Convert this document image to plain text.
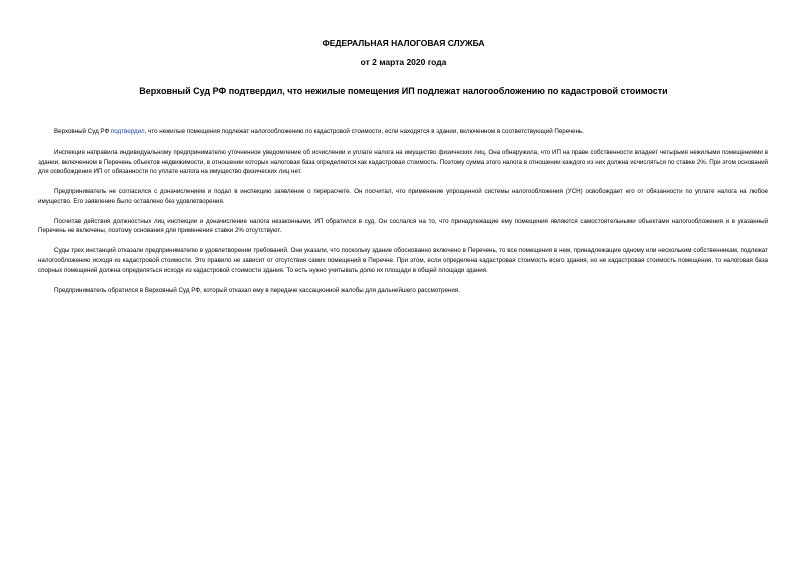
ФЕДЕРАЛЬНАЯ НАЛОГОВАЯ СЛУЖБА
от 2 марта 2020 года
Верховный Суд РФ подтвердил, что нежилые помещения ИП подлежат налогообложению по кадастровой стоимости

Верховный Суд РФ подтвердил, что нежилые помещения подлежат налогообложению по кадастровой стоимости, если находятся в здании, включенном в соответствующий Перечень.

Инспекция направила индивидуальному предпринимателю уточненное уведомление об исчислении и уплате налога на имущество физических лиц. Она обнаружила, что ИП на праве собственности владеет четырьмя нежилыми помещениями в здании, включенном в Перечень объектов недвижимости, в отношении которых налоговая база определяется как кадастровая стоимость. Поэтому сумма этого налога в отношении каждого из них должна исчисляться по ставке 2%. При этом оснований для освобождения ИП от обязанности по уплате налога на имущество физических лиц нет.

Предприниматель не согласился с доначислением и подал в инспекцию заявление о перерасчете. Он посчитал, что применение упрощенной системы налогообложения (УСН) освобождает его от обязанности по уплате налога на любое имущество. Его заявление было оставлено без удовлетворения.

Посчитав действия должностных лиц инспекции и доначисление налога незаконными, ИП обратился в суд. Он сослался на то, что принадлежащие ему помещения являются самостоятельными объектами налогообложения и в указанный Перечень не включены, поэтому основания для применения ставки 2% отсутствуют.

Суды трех инстанций отказали предпринимателю в удовлетворении требований. Они указали, что поскольку здание обоснованно включено в Перечень, то все помещения в нем, принадлежащие одному или нескольким собственникам, подлежат налогообложению исходя из кадастровой стоимости. Это правило не зависит от отсутствия самих помещений в Перечне. При этом, если определена кадастровая стоимость всего здания, но не кадастровая стоимость помещения, то налоговая база спорных помещений должна определяться исходя из кадастровой стоимости здания. То есть нужно учитывать долю их площади в общей площади здания.

Предприниматель обратился в Верховный Суд РФ, который отказал ему в передаче кассационной жалобы для дальнейшего рассмотрения.
